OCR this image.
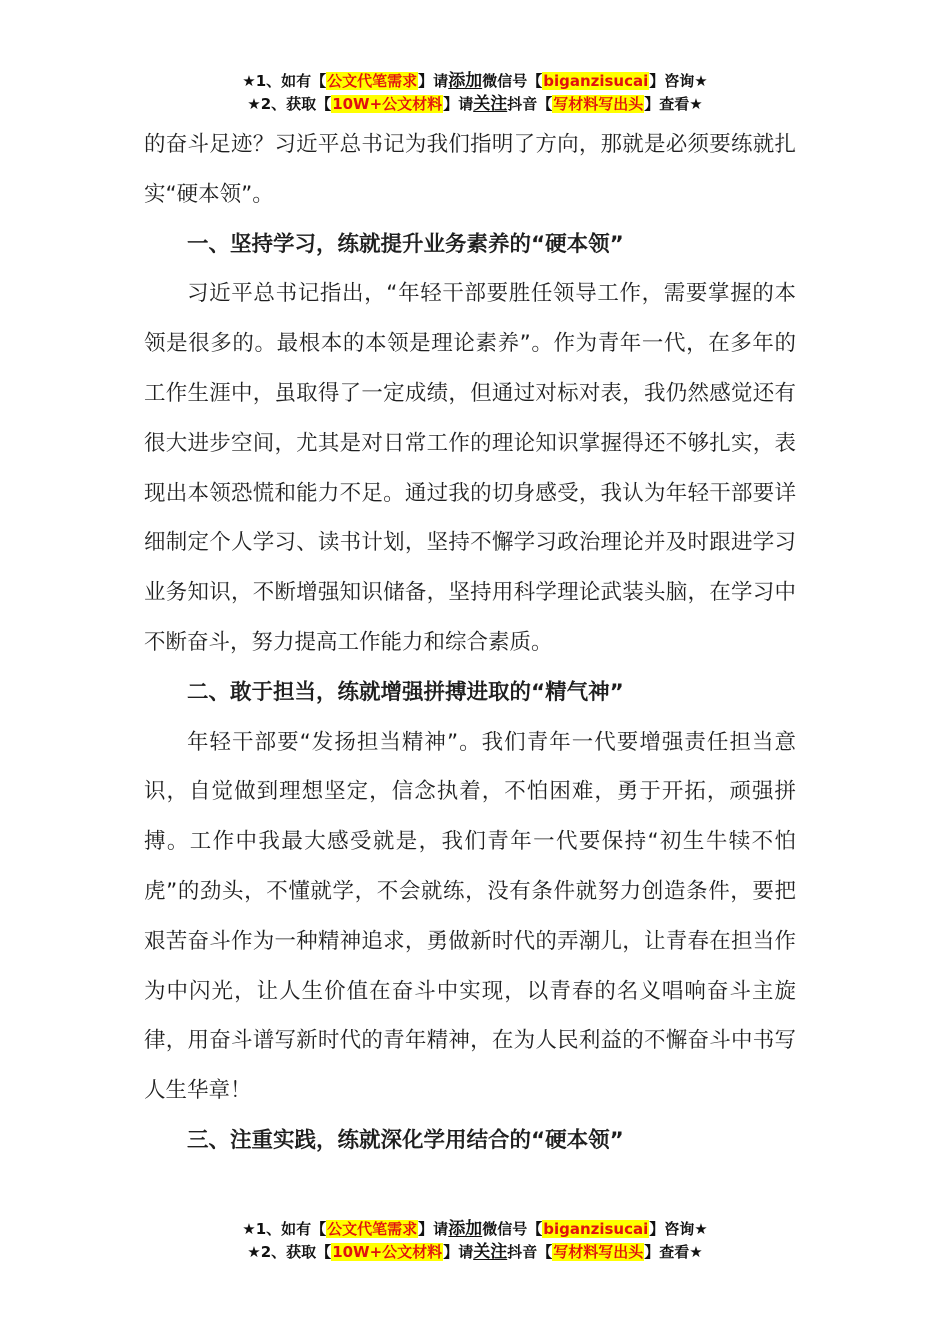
★1、如有【公文代笔需求】请添加微信号【biganzisucai】咨询★
★2、获取【10W+公文材料】请关注抖音【写材料写出头】查看★

的奋斗足迹？习近平总书记为我们指明了方向，那就是必须要练就扎实“硬本领”。

一、坚持学习，练就提升业务素养的“硬本领”

习近平总书记指出，“年轻干部要胜任领导工作，需要掌握的本领是很多的。最根本的本领是理论素养”。作为青年一代，在多年的工作生涯中，虽取得了一定成绩，但通过对标对表，我仍然感觉还有很大进步空间，尤其是对日常工作的理论知识掌握得还不够扎实，表现出本领恐慌和能力不足。通过我的切身感受，我认为年轻干部要详细制定个人学习、读书计划，坚持不懈学习政治理论并及时跟进学习业务知识，不断增强知识储备，坚持用科学理论武装头脑，在学习中不断奋斗，努力提高工作能力和综合素质。

二、敢于担当，练就增强拼搏进取的“精气神”

年轻干部要“发扬担当精神”。我们青年一代要增强责任担当意识，自觉做到理想坚定，信念执着，不怕困难，勇于开拓，顽强拼搏。工作中我最大感受就是，我们青年一代要保持“初生牛犊不怕虎”的劲头，不懂就学，不会就练，没有条件就努力创造条件，要把艰苦奋斗作为一种精神追求，勇做新时代的弄潮儿，让青春在担当作为中闪光，让人生价值在奋斗中实现，以青春的名义唱响奋斗主旋律，用奋斗谱写新时代的青年精神，在为人民利益的不懈奋斗中书写人生华章！

三、注重实践，练就深化学用结合的“硬本领”

★1、如有【公文代笔需求】请添加微信号【biganzisucai】咨询★
★2、获取【10W+公文材料】请关注抖音【写材料写出头】查看★
